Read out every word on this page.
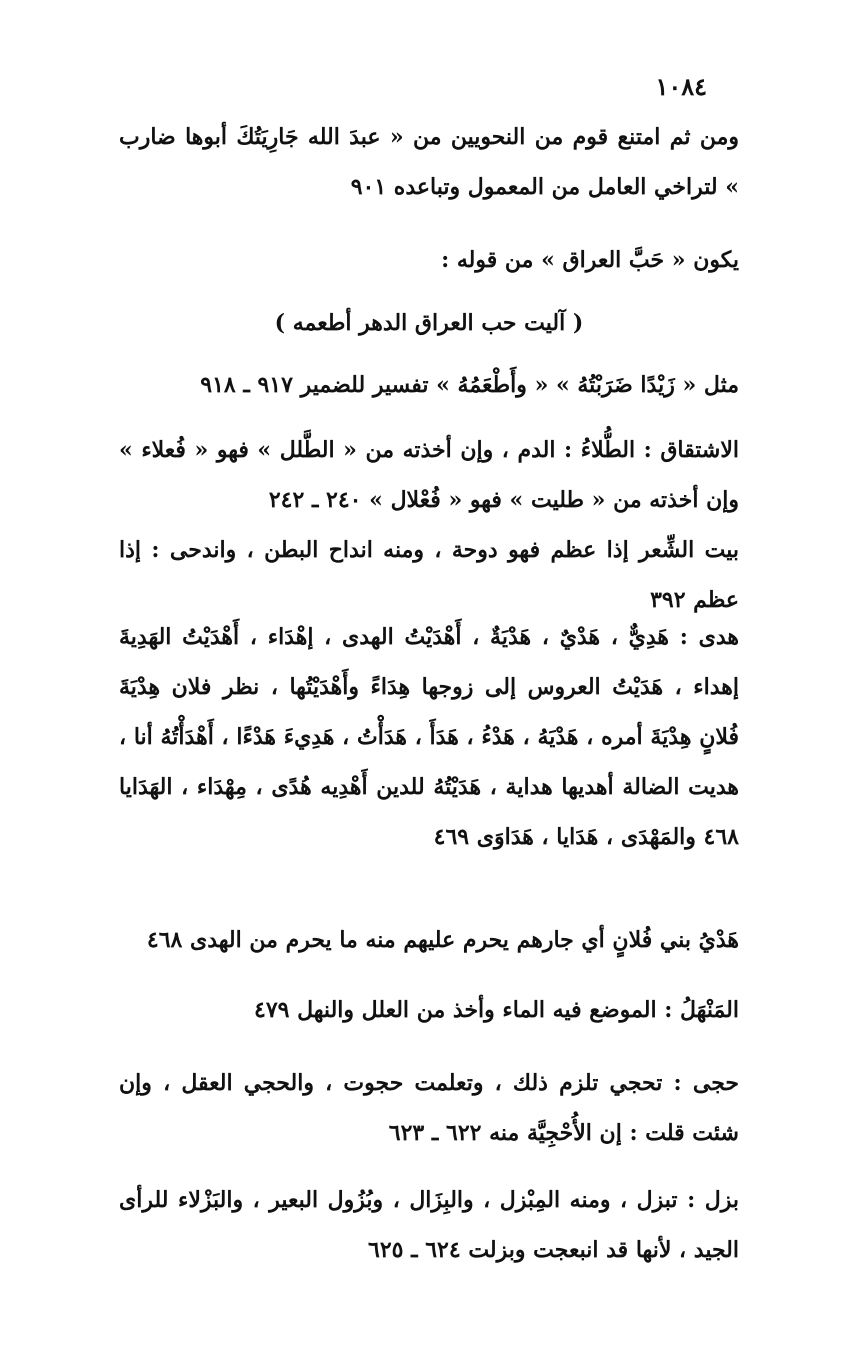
١٠٨٤
ومن ثم امتنع قوم من النحويين من « عبدَ الله جَارِيَتُكَ أبوها ضارب » لتراخي العامل من المعمول وتباعده ٩٠١
يكون « حَبَّ العراق » من قوله :
( آليت حب العراق الدهر أطعمه )
مثل « زَيْدًا ضَرَبْتُهُ » « وأَطْعَمُهُ » تفسير للضمير ٩١٧ ـ ٩١٨
الاشتقاق : الطُّلاءُ : الدم ، وإن أخذته من « الطَّلل » فهو « فُعلاء » وإن أخذته من « طليت » فهو « فُعْلال » ٢٤٠ ـ ٢٤٢
بيت الشِّعر إذا عظم فهو دوحة ، ومنه انداح البطن ، واندحى : إذا عظم ٣٩٢
هدى : هَدِيٌّ ، هَدْيٌ ، هَدْيَةٌ ، أَهْدَيْتُ الهدى ، إهْدَاء ، أَهْدَيْتُ الهَدِيةَ إهداء ، هَدَيْتُ العروس إلى زوجها هِدَاءً وأَهْدَيْتُها ، نظر فلان هِدْيَةَ فُلانٍ هِدْيَةَ أمره ، هَدْيَهُ ، هَدْءُ ، هَدَأَ ، هَدَأْتُ ، هَدِيءَ هَدْءًا ، أَهْدَأْتُهُ أنا ، هديت الضالة أهديها هداية ، هَدَيْتُهُ للدين أَهْدِيه هُدًى ، مِهْدَاء ، الهَدَايا ٤٦٨ والمَهْدَى ، هَدَايا ، هَدَاوَى ٤٦٩
هَدْيُ بني فُلانٍ أي جارهم يحرم عليهم منه ما يحرم من الهدى ٤٦٨
المَنْهَلُ : الموضع فيه الماء وأخذ من العلل والنهل ٤٧٩
حجى : تحجي تلزم ذلك ، وتعلمت حجوت ، والحجي العقل ، وإن شئت قلت : إن الأُحْجِيَّة منه ٦٢٢ ـ ٦٢٣
بزل : تبزل ، ومنه المِبْزل ، والبِزَال ، وبُزُول البعير ، والبَزْلاء للرأى الجيد ، لأنها قد انبعجت وبزلت ٦٢٤ ـ ٦٢٥
